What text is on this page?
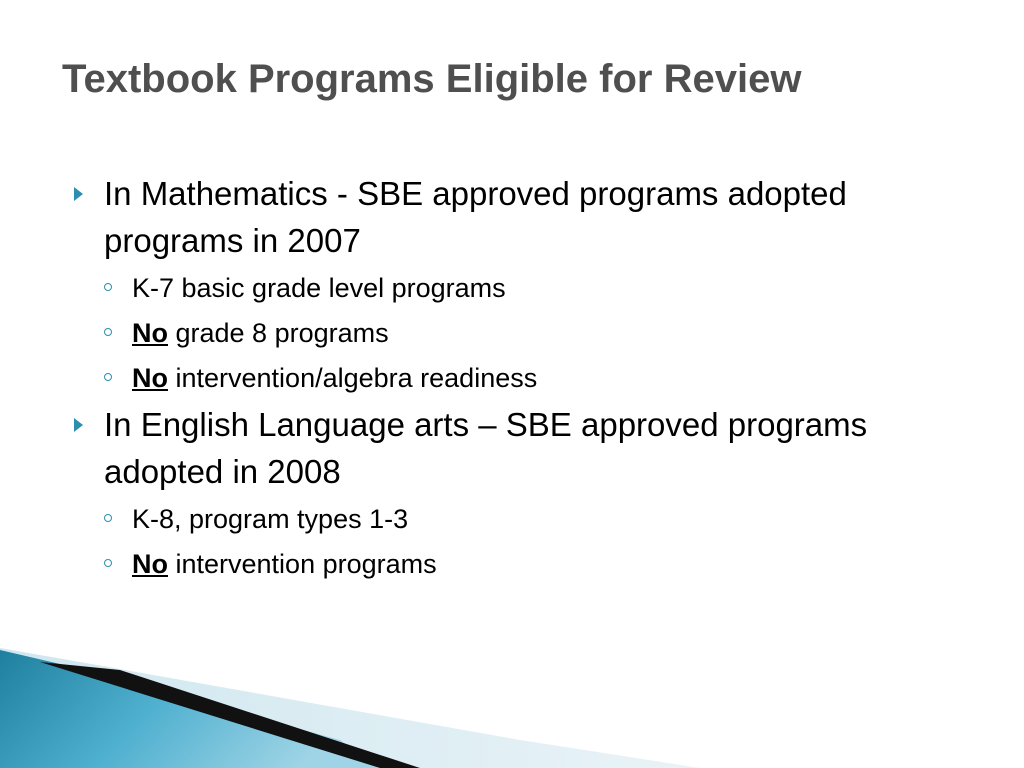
Textbook Programs Eligible for Review
In Mathematics - SBE approved programs adopted programs in 2007
K-7 basic grade level programs
No grade 8 programs
No intervention/algebra readiness
In English Language arts – SBE approved programs adopted in 2008
K-8, program types 1-3
No intervention programs
